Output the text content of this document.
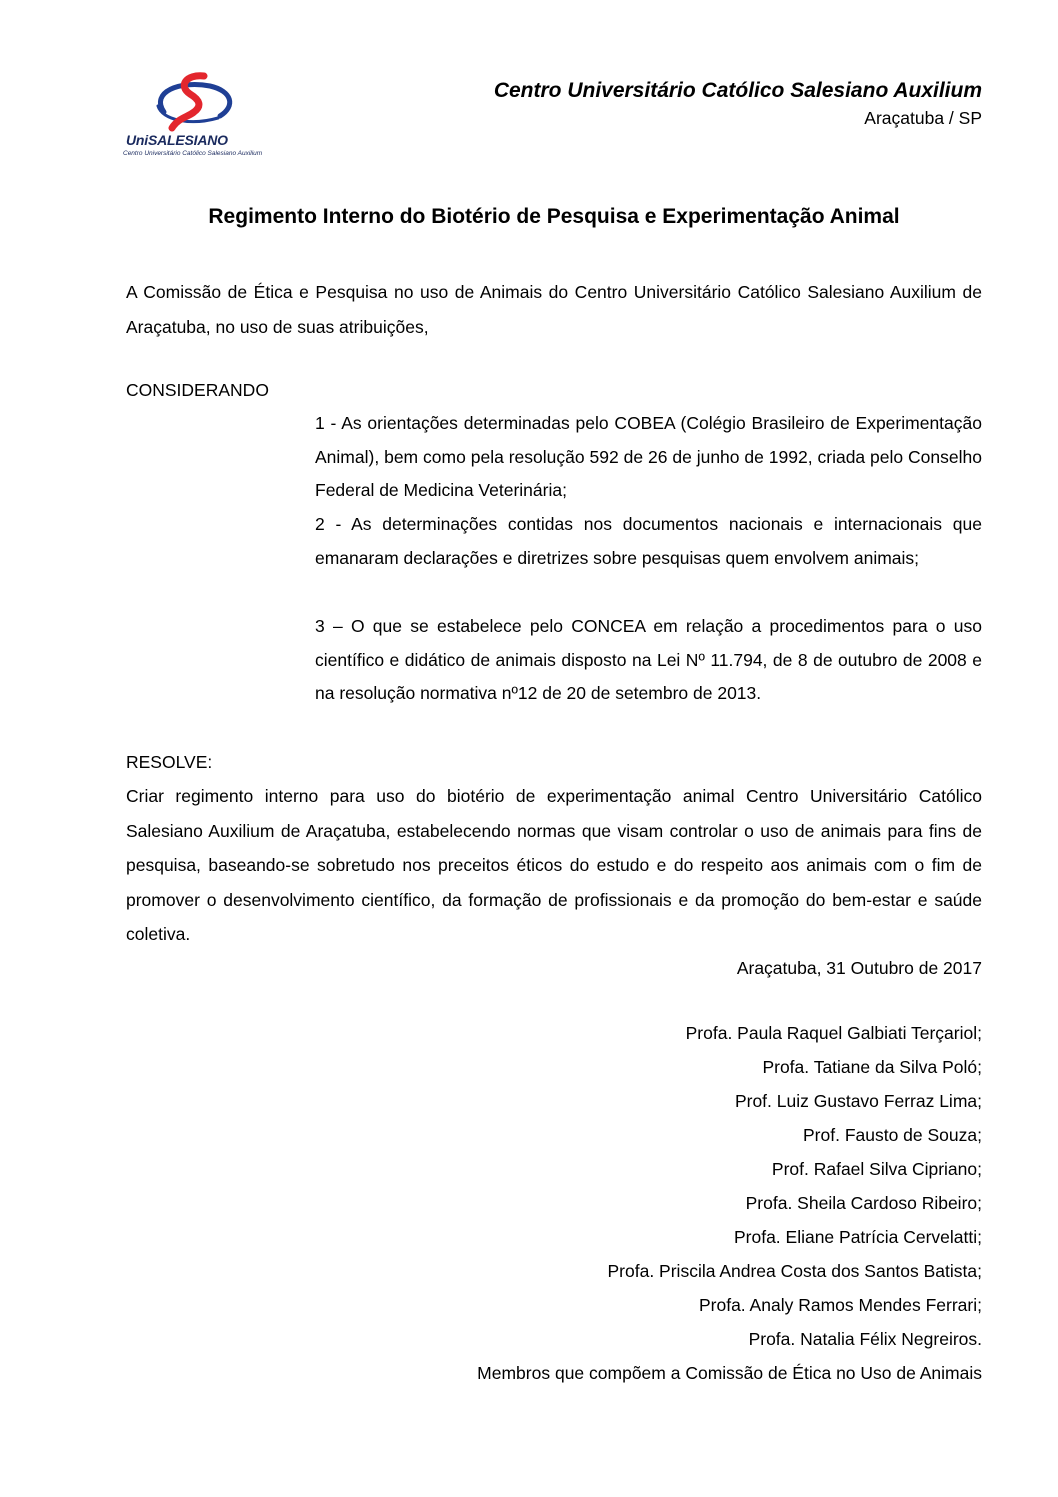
UniSALESIANO
Centro Universitário Católico Salesiano Auxilium
Centro Universitário Católico Salesiano Auxilium
Araçatuba / SP
Regimento Interno do Biotério de Pesquisa e Experimentação Animal
A Comissão de Ética e Pesquisa no uso de Animais do Centro Universitário Católico Salesiano Auxilium de Araçatuba, no uso de suas atribuições,
CONSIDERANDO
1 - As orientações determinadas pelo COBEA (Colégio Brasileiro de Experimentação Animal), bem como pela resolução 592 de 26 de junho de 1992, criada pelo Conselho Federal de Medicina Veterinária;
2 - As determinações contidas nos documentos nacionais e internacionais que emanaram declarações e diretrizes sobre pesquisas quem envolvem animais;
3 – O que se estabelece pelo CONCEA em relação a procedimentos para o uso científico e didático de animais disposto na Lei Nº 11.794, de 8 de outubro de 2008 e na resolução normativa nº12 de 20 de setembro de 2013.
RESOLVE:
Criar regimento interno para uso do biotério de experimentação animal Centro Universitário Católico Salesiano Auxilium de Araçatuba, estabelecendo normas que visam controlar o uso de animais para fins de pesquisa, baseando-se sobretudo nos preceitos éticos do estudo e do respeito aos animais com o fim de promover o desenvolvimento científico, da formação de profissionais e da promoção do bem-estar e saúde coletiva.
Araçatuba, 31 Outubro de 2017
Profa. Paula Raquel Galbiati Terçariol;
Profa. Tatiane da Silva Poló;
Prof. Luiz Gustavo Ferraz Lima;
Prof. Fausto de Souza;
Prof. Rafael Silva Cipriano;
Profa. Sheila Cardoso Ribeiro;
Profa. Eliane Patrícia Cervelatti;
Profa. Priscila Andrea Costa dos Santos Batista;
Profa. Analy Ramos Mendes Ferrari;
Profa. Natalia Félix Negreiros.
Membros que compõem a Comissão de Ética no Uso de Animais
